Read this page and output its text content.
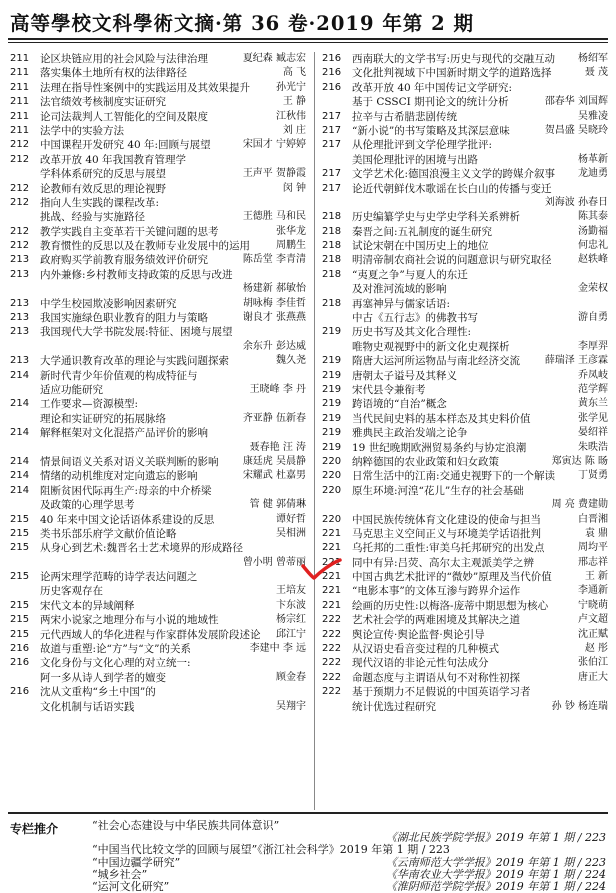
高等學校文科學術文摘·第 36 卷·2019 年第 2 期
211	论区块链应用的社会风险与法律治理	夏纪森 臧志宏
211	落实集体土地所有权的法律路径	高 飞
211	法理在指导性案例中的实践运用及其效果提升	孙光宁
211	法官绩效考核制度实证研究	王 静
211	论司法裁判人工智能化的空间及限度	江秋伟
211	法学中的实验方法	刘 庄
212	中国课程开发研究 40 年:回顾与展望	宋国才 宁婷婷
212	改革开放 40 年我国教育管理学
学科体系研究的反思与展望	王声平 贺静霞
212	论教师有效反思的理论视野	闵 钟
212	指向人生实践的课程改革:
挑战、经验与实施路径	王德胜 马和民
212	教学实践自主变革若干关键问题的思考	张华龙
212	教育惯性的反思以及在教师专业发展中的运用	周鹏生
213	政府购买学前教育服务绩效评价研究	陈岳堂 李青清
213	内外兼修:乡村教师支持政策的反思与改进
杨建新 郝敏怡
213	中学生校园欺凌影响因素研究	胡咏梅 李佳哲
213	我国实施绿色职业教育的阻力与策略	谢良才 张燕燕
213	我国现代大学书院发展:特征、困境与展望
余东升 彭达威
213	大学通识教育改革的理论与实践问题探索	魏久尧
214	新时代青少年价值观的构成特征与
适应功能研究	王晓峰 李 丹
214	工作要求—资源模型:
理论和实证研究的拓展脉络	齐亚静 伍新春
214	解释框架对文化混搭产品评价的影响
聂春艳 汪 涛
214	情景间语义关系对语义关联判断的影响 康廷虎 吴晨静
214	情绪的动机维度对定向遗忘的影响	宋耀武 杜嘉男
214	阻断贫困代际再生产:母亲的中介桥梁
及政策的心理学思考	管 健 郭倩琳
215	40 年来中国文论话语体系建设的反思	谭好哲
215	类书乐部乐府学文献价值论略	吴相洲
215	从身心到艺术:魏晋名士艺术境界的形成路径
曾小明 曾蒂丽
215	论两宋理学范畴的诗学表达问题之
历史客观存在	王培友
215	宋代文本的异域阐释	卞东波
215	两宋小说家之地理分布与小说的地域性	杨宗红
215	元代西域人的华化进程与作家群体发展阶段述论 邱江宁
216	故道与重塑:论“方”与“文”的关系	李建中 李 远
216	文化身份与文化心理的对立统一:
阿一多从诗人到学者的嬗变	顾金春
216	沈从文重构“乡土中国”的
文化机制与话语实践	吴翔宇
216	西南联大的文学书写:历史与现代的交融互动 杨绍军
216	文化批判视域下中国新时期文学的道路选择	聂 茂
216	改革开放 40 年中国传记文学研究:
基于 CSSCI 期刊论文的统计分析	邵春华 刘国辉
217	拉辛与古希腊悲剧传统	吴雅凌
217	“新小说”的书写策略及其深层意味	贺昌盛 吴晓玲
217	从伦理批评到文学伦理学批评:
美国伦理批评的困境与出路	杨革新
217	文学艺术化:德国浪漫主义文学的跨媒介叙事 龙迪勇
217	论近代朝鲜伐木歌谣在长白山的传播与变迁
刘海波 孙春日
218	历史编纂学史与史学史学科关系辨析	陈其泰
218	秦晋之间:五礼制度的诞生研究	汤勤福
218	试论宋朝在中国历史上的地位	何忠礼
218	明清帝制农商社会说的问题意识与研究取径	赵轶峰
218	“夷夏之争”与夏人的东迁
及对淮河流域的影响	金荣权
218	再塞神异与儒家话语:
中古《五行志》的佛教书写	游自勇
219	历史书写及其文化合理性:
唯物史观视野中的新文化史观探析	李厚羿
219	隋唐大运河所运物品与南北经济交流 薛瑞泽 王彦霖
219	唐朝太子谥号及其释义	乔凤岐
219	宋代县令兼衔考	范学辉
219	跨语境的“自治”概念	黄东兰
219	当代民间史料的基本样态及其史料价值	张学见
219	雅典民主政治发端之论争	晏绍祥
219	19 世纪晚期欧洲贸易条约与协定浪潮	朱昳浩
220	纳粹德国的农业政策和妇女政策	郑寅达 陈 旸
220	日常生活中的江南:交通史视野下的一个解读 丁贤勇
220	原生环境:河湟“花儿”生存的社会基础
周 亮 费建勋
220	中国民族传统体育文化建设的使命与担当	白晋湘
221	马克思主义空间正义与环境美学话语批判	袁 鼎
221	乌托邦的二重性:审美乌托邦研究的出发点	周均平
221	同中有异:吕荧、高尔太主观派美学之辨	邢志祥
221	中国古典艺术批评的“微妙”原理及当代价值	王 新
221	“电影本事”的文体互渗与跨界介运作	李通新
221	绘画的历史性:以梅洛-庞蒂中期思想为核心	宁晓萌
222	艺术社会学的两难困境及其解决之道	卢文超
222	舆论宣传·舆论监督·舆论引导	沈正赋
222	从汉语史看音变过程的几种模式	赵 彤
222	现代汉语的非论元性句法成分	张伯江
222	命题态度与主谓语从句不对称性初探	唐正大
222	基于预期力不足假说的中国英语学习者
统计优选过程研究	孙 钞 杨连瑞
专栏推介	“社会心态建设与中华民族共同体意识”
《湖北民族学院学报》2019 年第 1 期 / 223
“中国当代比较文学的回顾与展望”《浙江社会科学》2019 年第 1 期 / 223
“中国边疆学研究”	《云南师范大学学报》2019 年第 1 期 / 223
“城乡社会”	《华南农业大学学报》2019 年第 1 期 / 224
“运河文化研究”	《淮阴师范学院学报》2019 年第 1 期 / 224
